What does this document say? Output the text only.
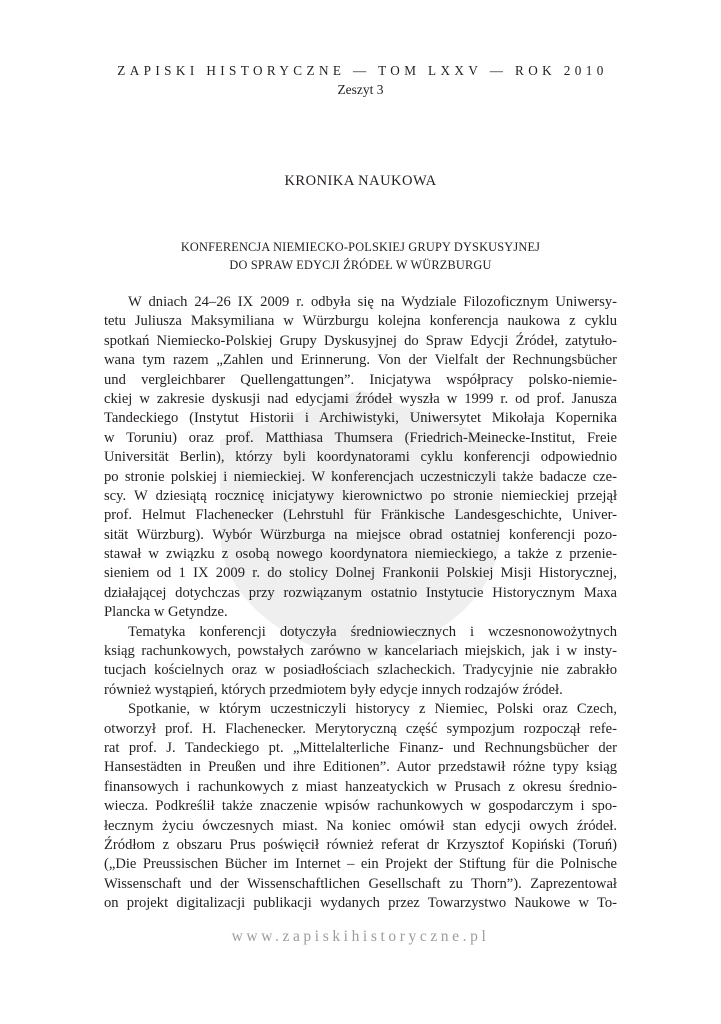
ZAPISKI HISTORYCZNE — TOM LXXV — ROK 2010
Zeszyt 3
KRONIKA NAUKOWA
KONFERENCJA NIEMIECKO-POLSKIEJ GRUPY DYSKUSYJNEJ
DO SPRAW EDYCJI ŹRÓDEŁ W WÜRZBURGU
W dniach 24–26 IX 2009 r. odbyła się na Wydziale Filozoficznym Uniwersy-
tetu Juliusza Maksymiliana w Würzburgu kolejna konferencja naukowa z cyklu
spotkań Niemiecko-Polskiej Grupy Dyskusyjnej do Spraw Edycji Źródeł, zatytuło-
wana tym razem „Zahlen und Erinnerung. Von der Vielfalt der Rechnungsbücher
und vergleichbarer Quellengattungen”. Inicjatywa współpracy polsko-niemie-
ckiej w zakresie dyskusji nad edycjami źródeł wyszła w 1999 r. od prof. Janusza
Tandeckiego (Instytut Historii i Archiwistyki, Uniwersytet Mikołaja Kopernika
w Toruniu) oraz prof. Matthiasa Thumsera (Friedrich-Meinecke-Institut, Freie
Universität Berlin), którzy byli koordynatorami cyklu konferencji odpowiednio
po stronie polskiej i niemieckiej. W konferencjach uczestniczyli także badacze cze-
scy. W dziesiątą rocznicę inicjatywy kierownictwo po stronie niemieckiej przejął
prof. Helmut Flachenecker (Lehrstuhl für Fränkische Landesgeschichte, Univer-
sität Würzburg). Wybór Würzburga na miejsce obrad ostatniej konferencji pozo-
stawał w związku z osobą nowego koordynatora niemieckiego, a także z przenie-
sieniem od 1 IX 2009 r. do stolicy Dolnej Frankonii Polskiej Misji Historycznej,
działającej dotychczas przy rozwiązanym ostatnio Instytucie Historycznym Maxa
Plancka w Getyndze.
Tematyka konferencji dotyczyła średniowiecznych i wczesnonowożytnych
ksiąg rachunkowych, powstałych zarówno w kancelariach miejskich, jak i w insty-
tucjach kościelnych oraz w posiadłościach szlacheckich. Tradycyjnie nie zabrakło
również wystąpień, których przedmiotem były edycje innych rodzajów źródeł.
Spotkanie, w którym uczestniczyli historycy z Niemiec, Polski oraz Czech,
otworzył prof. H. Flachenecker. Merytoryczną część sympozjum rozpoczął refe-
rat prof. J. Tandeckiego pt. „Mittelalterliche Finanz- und Rechnungsbücher der
Hansestädten in Preußen und ihre Editionen”. Autor przedstawił różne typy ksiąg
finansowych i rachunkowych z miast hanzeatyckich w Prusach z okresu średnio-
wiecza. Podkreślił także znaczenie wpisów rachunkowych w gospodarczym i spo-
łecznym życiu ówczesnych miast. Na koniec omówił stan edycji owych źródeł.
Źródłom z obszaru Prus poświęcił również referat dr Krzysztof Kopiński (Toruń)
(„Die Preussischen Bücher im Internet – ein Projekt der Stiftung für die Polnische
Wissenschaft und der Wissenschaftlichen Gesellschaft zu Thorn”). Zaprezentował
on projekt digitalizacji publikacji wydanych przez Towarzystwo Naukowe w To-
www.zapiskihistoryczne.pl
